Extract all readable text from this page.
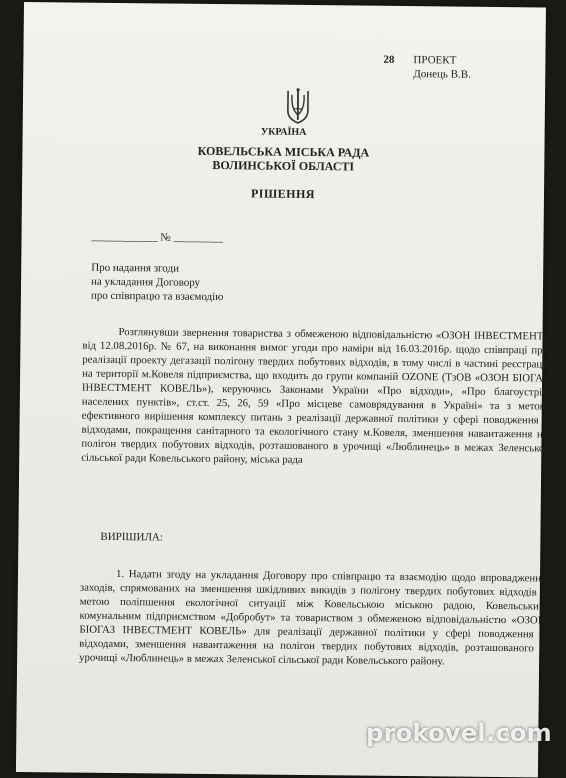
28 ПРОЕКТ
Донець В.В.
УКРАЇНА
КОВЕЛЬСЬКА МІСЬКА РАДА
ВОЛИНСЬКОЇ ОБЛАСТІ
РІШЕННЯ
____________ № _________
Про надання згоди
на укладання Договору
про співпрацю та взаємодію
Розглянувши звернення товариства з обмеженою відповідальністю «ОЗОН ІНВЕСТМЕНТ» від 12.08.2016р. № 67, на виконання вимог угоди про наміри від 16.03.2016р. щодо співпраці при реалізації проекту дегазації полігону твердих побутових відходів, в тому числі в частині реєстрації на території м.Ковеля підприємства, що входить до групи компаній OZONE (ТзОВ «ОЗОН БІОГАЗ ІНВЕСТМЕНТ КОВЕЛЬ»), керуючись Законами України «Про відходи», «Про благоустрій населених пунктів», ст.ст. 25, 26, 59 «Про місцеве самоврядування в Україні» та з метою ефективного вирішення комплексу питань з реалізації державної політики у сфері поводження з відходами, покращення санітарного та екологічного стану м.Ковеля, зменшення навантаження на полігон твердих побутових відходів, розташованого в урочищі «Люблинець» в межах Зеленської сільської ради Ковельського району, міська рада
ВИРІШИЛА:
1. Надати згоду на укладання Договору про співпрацю та взаємодію щодо впровадження заходів, спрямованих на зменшення шкідливих викидів з полігону твердих побутових відходів з метою поліпшення екологічної ситуації між Ковельською міською радою, Ковельським комунальним підприємством «Добробут» та товариством з обмеженою відповідальністю «ОЗОН БІОГАЗ ІНВЕСТМЕНТ КОВЕЛЬ» для реалізації державної політики у сфері поводження з відходами, зменшення навантаження на полігон твердих побутових відходів, розташованого в урочищі «Люблинець» в межах Зеленської сільської ради Ковельського району.
prokovel.com
